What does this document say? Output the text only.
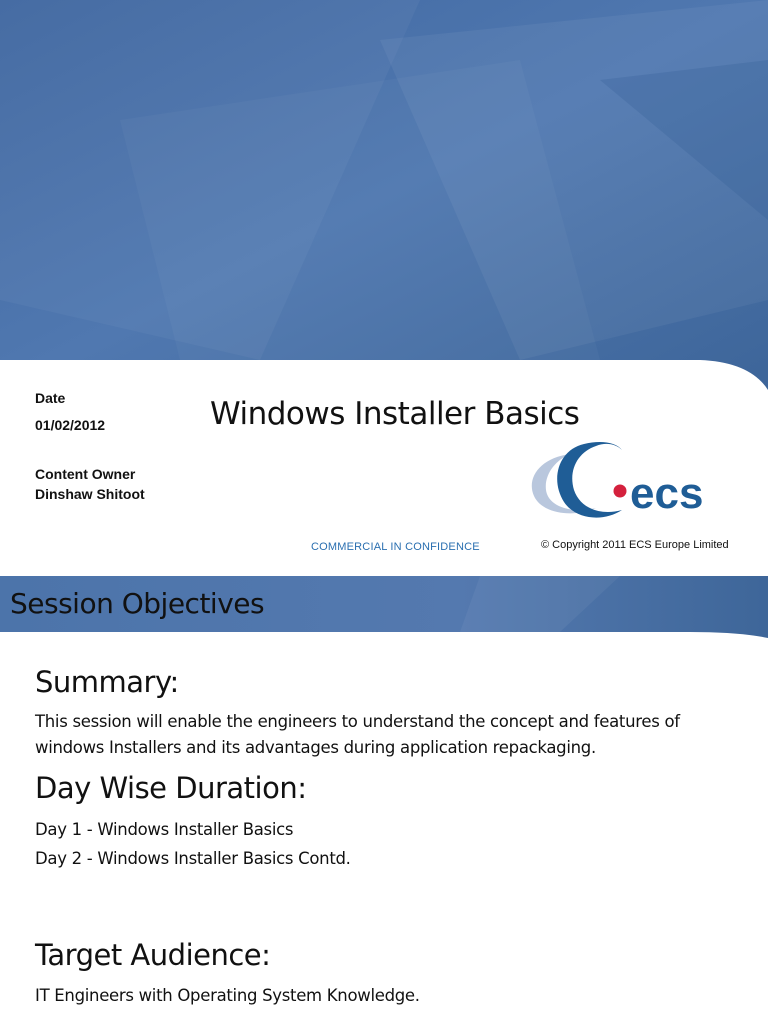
Date
01/02/2012
Content Owner
Dinshaw Shitoot
Windows Installer Basics
ecs
COMMERCIAL IN CONFIDENCE	© Copyright 2011 ECS Europe Limited
Session Objectives
Summary:
This session will enable the engineers to understand the concept and features of windows Installers and its advantages during application repackaging.
Day Wise Duration:
Day 1 - Windows Installer Basics
Day 2 - Windows Installer Basics Contd.
Target Audience:
IT Engineers with Operating System Knowledge.
